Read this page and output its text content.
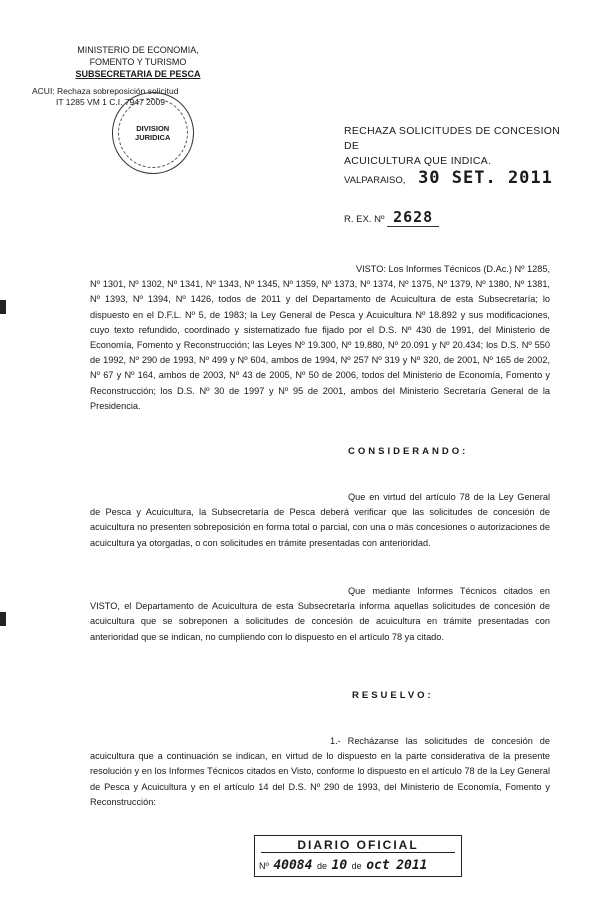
MINISTERIO DE ECONOMIA,
FOMENTO Y TURISMO
SUBSECRETARIA DE PESCA
ACUI: Rechaza sobreposición solicitud
IT 1285 VM 1 C.I. 7947 2009
DIVISION
JURIDICA
RECHAZA SOLICITUDES DE CONCESION DE
ACUICULTURA QUE INDICA.
VALPARAISO, 30 SET. 2011
R. EX. Nº 2628
VISTO: Los Informes Técnicos (D.Ac.) Nº 1285, Nº 1301, Nº 1302, Nº 1341, Nº 1343, Nº 1345, Nº 1359, Nº 1373, Nº 1374, Nº 1375, Nº 1379, Nº 1380, Nº 1381, Nº 1393, Nº 1394, Nº 1426, todos de 2011 y del Departamento de Acuicultura de esta Subsecretaría; lo dispuesto en el D.F.L. Nº 5, de 1983; la Ley General de Pesca y Acuicultura Nº 18.892 y sus modificaciones, cuyo texto refundido, coordinado y sistematizado fue fijado por el D.S. Nº 430 de 1991, del Ministerio de Economía, Fomento y Reconstrucción; las Leyes Nº 19.300, Nº 19.880, Nº 20.091 y Nº 20.434; los D.S. Nº 550 de 1992, Nº 290 de 1993, Nº 499 y Nº 604, ambos de 1994, Nº 257 Nº 319 y Nº 320, de 2001, Nº 165 de 2002, Nº 67 y Nº 164, ambos de 2003, Nº 43 de 2005, Nº 50 de 2006, todos del Ministerio de Economía, Fomento y Reconstrucción; los D.S. Nº 30 de 1997 y Nº 95 de 2001, ambos del Ministerio Secretaría General de la Presidencia.
CONSIDERANDO:
Que en virtud del artículo 78 de la Ley General de Pesca y Acuicultura, la Subsecretaría de Pesca deberá verificar que las solicitudes de concesión de acuicultura no presenten sobreposición en forma total o parcial, con una o más concesiones o autorizaciones de acuicultura ya otorgadas, o con solicitudes en trámite presentadas con anterioridad.
Que mediante Informes Técnicos citados en VISTO, el Departamento de Acuicultura de esta Subsecretaría informa aquellas solicitudes de concesión de acuicultura que se sobreponen a solicitudes de concesión de acuicultura en trámite presentadas con anterioridad que se indican, no cumpliendo con lo dispuesto en el artículo 78 ya citado.
RESUELVO:
1.- Recházanse las solicitudes de concesión de acuicultura que a continuación se indican, en virtud de lo dispuesto en la parte considerativa de la presente resolución y en los Informes Técnicos citados en Visto, conforme lo dispuesto en el artículo 78 de la Ley General de Pesca y Acuicultura y en el artículo 14 del D.S. Nº 290 de 1993, del Ministerio de Economía, Fomento y Reconstrucción:
DIARIO OFICIAL
Nº 40084 de 10 de oct 2011
